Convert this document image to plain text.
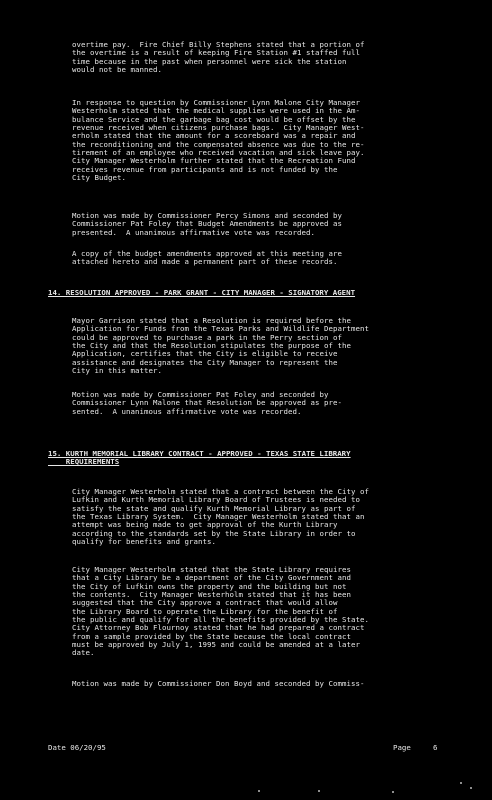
overtime pay.  Fire Chief Billy Stephens stated that a portion of
the overtime is a result of keeping Fire Station #1 staffed full
time because in the past when personnel were sick the station
would not be manned.

In response to question by Commissioner Lynn Malone City Manager
Westerholm stated that the medical supplies were used in the Am-
bulance Service and the garbage bag cost would be offset by the
revenue received when citizens purchase bags.  City Manager West-
erholm stated that the amount for a scoreboard was a repair and
the reconditioning and the compensated absence was due to the re-
tirement of an employee who received vacation and sick leave pay.
City Manager Westerholm further stated that the Recreation Fund
receives revenue from participants and is not funded by the
City Budget.

Motion was made by Commissioner Percy Simons and seconded by
Commissioner Pat Foley that Budget Amendments be approved as
presented.  A unanimous affirmative vote was recorded.

A copy of the budget amendments approved at this meeting are
attached hereto and made a permanent part of these records.

14. RESOLUTION APPROVED - PARK GRANT - CITY MANAGER - SIGNATORY AGENT

Mayor Garrison stated that a Resolution is required before the
Application for Funds from the Texas Parks and Wildlife Department
could be approved to purchase a park in the Perry section of
the City and that the Resolution stipulates the purpose of the
Application, certifies that the City is eligible to receive
assistance and designates the City Manager to represent the
City in this matter.

Motion was made by Commissioner Pat Foley and seconded by
Commissioner Lynn Malone that Resolution be approved as pre-
sented.  A unanimous affirmative vote was recorded.

15. KURTH MEMORIAL LIBRARY CONTRACT - APPROVED - TEXAS STATE LIBRARY
REQUIREMENTS

City Manager Westerholm stated that a contract between the City of
Lufkin and Kurth Memorial Library Board of Trustees is needed to
satisfy the state and qualify Kurth Memorial Library as part of
the Texas Library System.  City Manager Westerholm stated that an
attempt was being made to get approval of the Kurth Library
according to the standards set by the State Library in order to
qualify for benefits and grants.

City Manager Westerholm stated that the State Library requires
that a City Library be a department of the City Government and
the City of Lufkin owns the property and the building but not
the contents.  City Manager Westerholm stated that it has been
suggested that the City approve a contract that would allow
the Library Board to operate the Library for the benefit of
the public and qualify for all the benefits provided by the State.
City Attorney Bob Flournoy stated that he had prepared a contract
from a sample provided by the State because the local contract
must be approved by July 1, 1995 and could be amended at a later
date.

Motion was made by Commissioner Don Boyd and seconded by Commiss-

Date 06/20/95	Page     6
